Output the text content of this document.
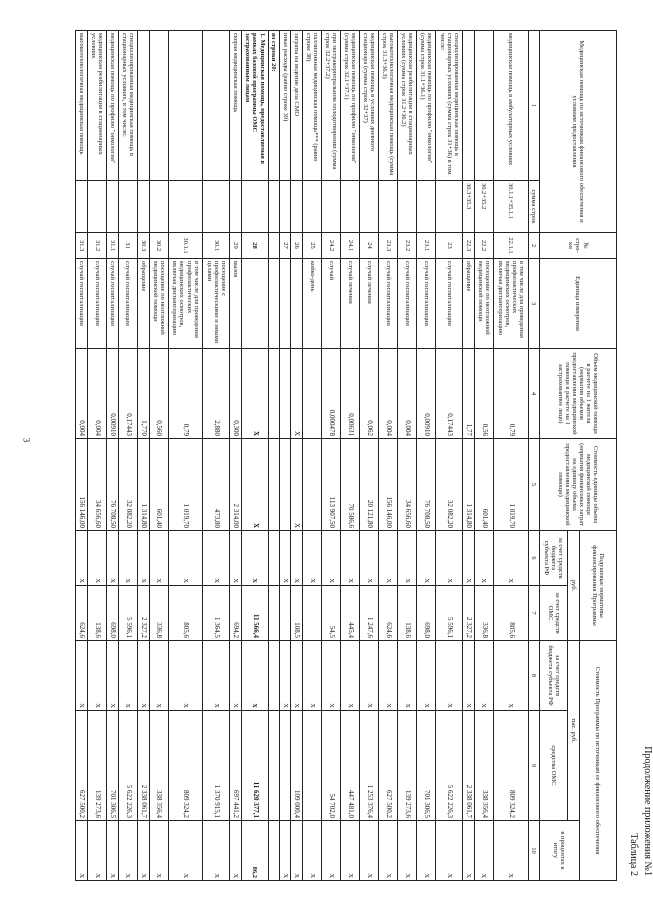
3
Продолжение приложения №1
Таблица 2
Медицинская помощь по источникам финансового обеспечения и условиям предоставления		№ стро-ки	Единица измерения	Объем медицинской помощи в расчете на 1 жителя (норматив объемов предоставления медицинской помощи в расчете на 1 застрахованное лицо)	Стоимость единицы объема медицинской помощи (норматив финансовых затрат на единицу объема предоставления медицинской помощи)	Подушевые нормативы финансирования Программы		Стоимость Программы по источникам ее финансового обеспечения		
						руб.		тыс. руб.		в процентах к итогу
						за счет средств бюджета субъекта РФ	за счет средств ОМС	за счет средств бюджета субъекта РФ	средства ОМС	
1	сумма строк	2	3	4	5	6	7	8	9	10
медицинская помощь в амбулаторных условиях	30.1.1+35.1.1	22.1.1	в том числе для проведения профилактических медицинских осмотров, включая диспансеризацию	0,79	1 019,70	X	805,6	X	809 324,2	X
	30.2+35.2	22.2	посещение по неотложной медицинской помощи	0,56	601,40	X	336,8	X	338 356,4	X
	30.3+35.3	22.3	обращение	1,77	1 314,80	X	2 327,2	X	2 338 061,7	X
специализированная медицинская помощь в стационарных условиях (сумма строк 31+36) в том числе:		23	случай госпитализации	0,17443	32 082,20	X	5 596,1	X	5 622 226,3	X
медицинская помощь по профилю "онкология" (сумма строк 31.1+36.1)		23.1	случай госпитализации	0,00910	76 708,50	X	698,0	X	701 306,5	X
медицинская реабилитация в стационарных условиях (сумма строк 31.2+36.2)		23.2	случай госпитализации	0,004	34 656,60	X	138,6	X	139 273,6	X
высокотехнологичная медицинская помощь (сумма строк 31.3+36.3)		23.3	случай госпитализации	0,004	156 146,00	X	624,6	X	627 500,2	X
медицинская помощь в условиях дневного стационара (сумма строк 32+37)		24	случай лечения	0,062	20 121,80	X	1 247,6	X	1 253 376,4	X
медицинская помощь по профилю "онкология" (сумма строк 32.1+37.1)		24.1	случай лечения	0,00631	70 586,6	X	445,4	X	447 481,0	X
при экстракорпоральном оплодотворении (сумма строк 32.2+37.2)		24.2	случай	0,000478	113 907,50	X	54,5	X	54 702,0	X
паллиативная медицинская помощь*** (равно строке 38)		25	койко-день			X		X		X
затраты на ведение дела СМО		26		X	X	X	108,5	X	109 000,4	X
иные расходы (равно строке 39)		27				X		X		X
из строки 20:										
1. Медицинская помощь, предоставляемая в рамках базовой программы ОМС застрахованным лицам		28		X	X	X	11 566,4	X	11 620 377,1	86,2
скорая медицинская помощь		29	вызов	0,300	2 314,00	X	694,2	X	697 441,2	X
		30.1	посещение с профилактическими и иными целями	2,880	473,80	X	1 364,5	X	1 370 915,1	X
		30.1.1	в том числе для проведения профилактических медицинских осмотров, включая диспансеризацию	0,79	1 019,70	X	805,6	X	809 324,2	X
		30.2	посещение по неотложной медицинской помощи	0,560	601,40	X	336,8	X	338 356,4	X
		30.3	обращение	1,770	1 314,80	X	2 327,2	X	2 338 061,7	X
специализированная медицинская помощь в стационарных условиях, в том числе:		31	случай госпитализации	0,17443	32 082,20	X	5 596,1	X	5 622 226,3	X
медицинская помощь по профилю "онкология"		31.1	случай госпитализации	0,00910	76 708,50	X	698,0	X	701 306,5	X
медицинская реабилитация в стационарных условиях		31.2	случай госпитализации	0,004	34 656,60	X	138,6	X	139 273,6	X
высокотехнологичная медицинская помощь		31.3	случай госпитализации	0,004	156 146,00	X	624,6	X	627 500,2	X
